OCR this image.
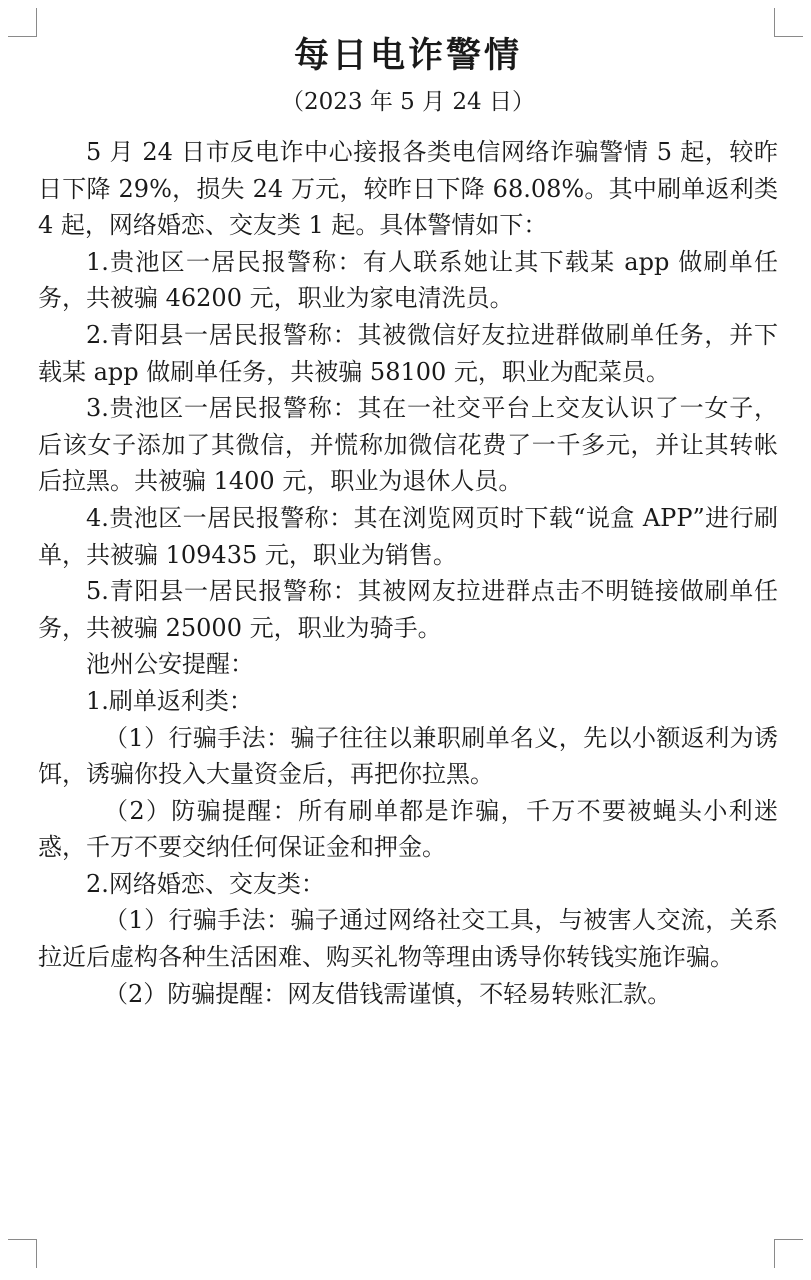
每日电诈警情
（2023 年 5 月 24 日）

5 月 24 日市反电诈中心接报各类电信网络诈骗警情 5 起，较昨日下降 29%，损失 24 万元，较昨日下降 68.08%。其中刷单返利类 4 起，网络婚恋、交友类 1 起。具体警情如下：

1.贵池区一居民报警称：有人联系她让其下载某 app 做刷单任务，共被骗 46200 元，职业为家电清洗员。

2.青阳县一居民报警称：其被微信好友拉进群做刷单任务，并下载某 app 做刷单任务，共被骗 58100 元，职业为配菜员。

3.贵池区一居民报警称：其在一社交平台上交友认识了一女子，后该女子添加了其微信，并慌称加微信花费了一千多元，并让其转帐后拉黑。共被骗 1400 元，职业为退休人员。

4.贵池区一居民报警称：其在浏览网页时下载“说盒 APP”进行刷单，共被骗 109435 元，职业为销售。

5.青阳县一居民报警称：其被网友拉进群点击不明链接做刷单任务，共被骗 25000 元，职业为骑手。

池州公安提醒：

1.刷单返利类：

（1）行骗手法：骗子往往以兼职刷单名义，先以小额返利为诱饵，诱骗你投入大量资金后，再把你拉黑。

（2）防骗提醒：所有刷单都是诈骗，千万不要被蝇头小利迷惑，千万不要交纳任何保证金和押金。

2.网络婚恋、交友类：

（1）行骗手法：骗子通过网络社交工具，与被害人交流，关系拉近后虚构各种生活困难、购买礼物等理由诱导你转钱实施诈骗。

（2）防骗提醒：网友借钱需谨慎，不轻易转账汇款。
